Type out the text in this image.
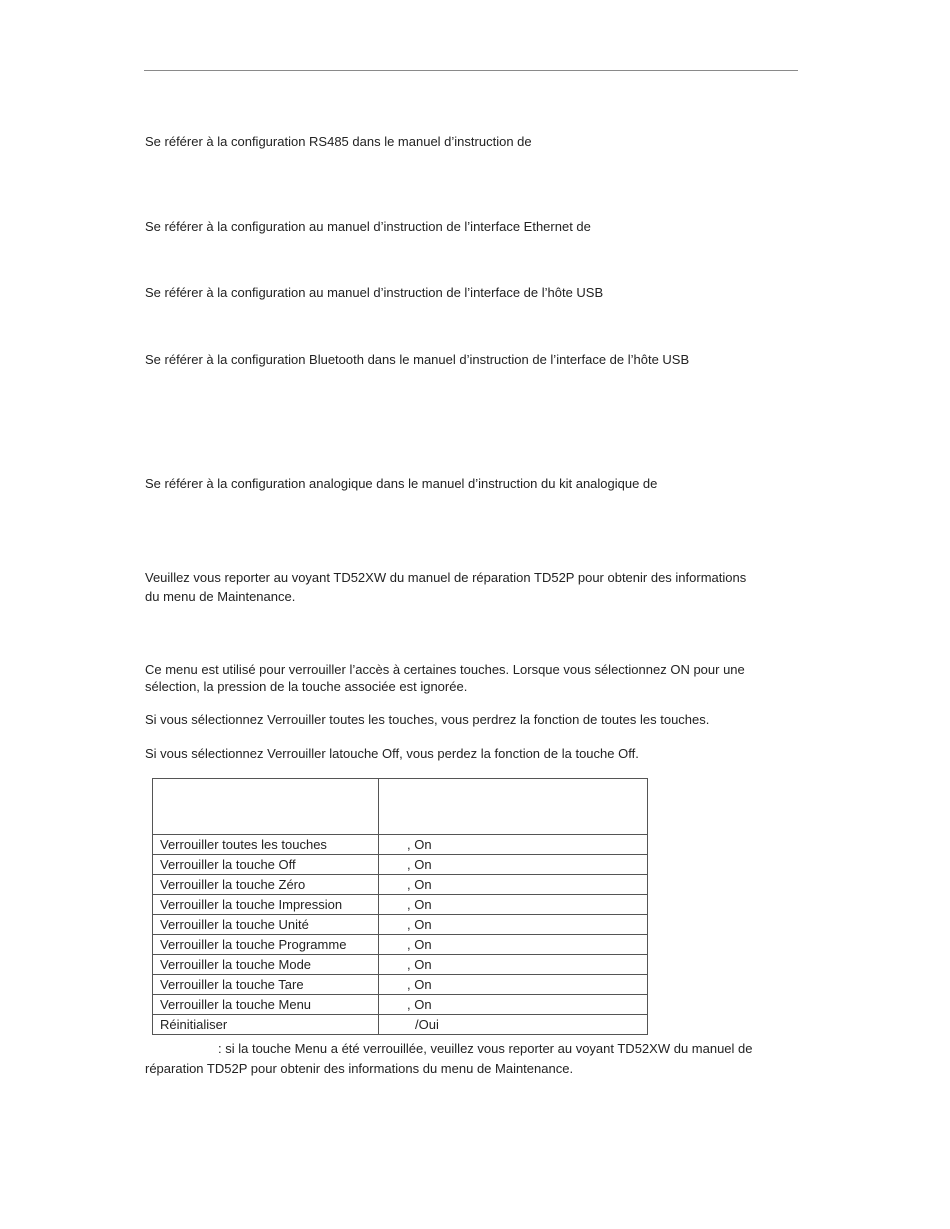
Se référer à la configuration RS485 dans le manuel d’instruction de

Se référer à la configuration au manuel d’instruction de l’interface Ethernet de

Se référer à la configuration au manuel d’instruction de l’interface de l’hôte USB

Se référer à la configuration Bluetooth dans le manuel d’instruction de l’interface de l’hôte USB

Se référer à la configuration analogique dans le manuel d’instruction du kit analogique de

Veuillez vous reporter au voyant TD52XW du manuel de réparation TD52P pour obtenir des informations du menu de Maintenance.

Ce menu est utilisé pour verrouiller l’accès à certaines touches. Lorsque vous sélectionnez ON pour une sélection, la pression de la touche associée est ignorée.

Si vous sélectionnez Verrouiller toutes les touches, vous perdrez la fonction de toutes les touches.

Si vous sélectionnez Verrouiller latouche Off, vous perdez la fonction de la touche Off.

Verrouiller toutes les touches	, On
Verrouiller la touche Off	, On
Verrouiller la touche Zéro	, On
Verrouiller la touche Impression	, On
Verrouiller la touche Unité	, On
Verrouiller la touche Programme	, On
Verrouiller la touche Mode	, On
Verrouiller la touche Tare	, On
Verrouiller la touche Menu	, On
Réinitialiser	/Oui

: si la touche Menu a été verrouillée, veuillez vous reporter au voyant TD52XW du manuel de réparation TD52P pour obtenir des informations du menu de Maintenance.
